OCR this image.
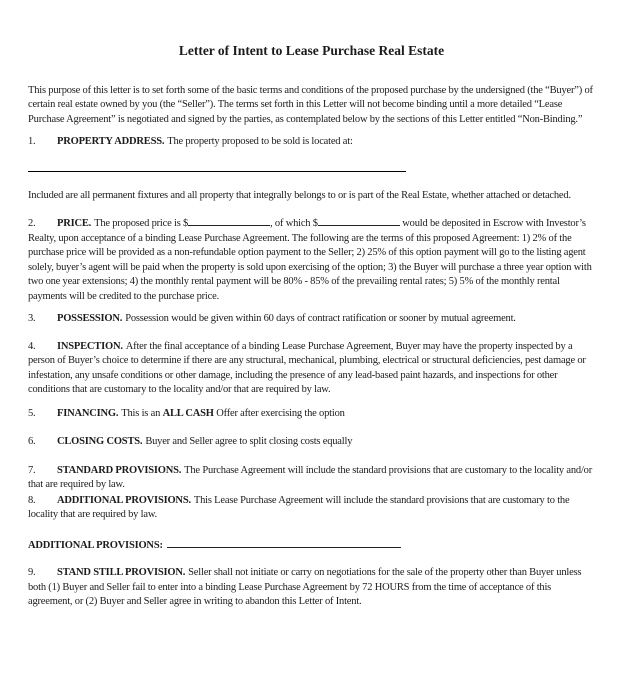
Letter of Intent to Lease Purchase Real Estate

This purpose of this letter is to set forth some of the basic terms and conditions of the proposed purchase by the undersigned (the “Buyer”) of certain real estate owned by you (the “Seller”). The terms set forth in this Letter will not become binding until a more detailed “Lease Purchase Agreement” is negotiated and signed by the parties, as contemplated below by the sections of this Letter entitled “Non-Binding.”

1. PROPERTY ADDRESS. The property proposed to be sold is located at:

Included are all permanent fixtures and all property that integrally belongs to or is part of the Real Estate, whether attached or detached.

2. PRICE. The proposed price is $	, of which $	would be deposited in Escrow with Investor’s Realty, upon acceptance of a binding Lease Purchase Agreement. The following are the terms of this proposed Agreement: 1) 2% of the purchase price will be provided as a non-refundable option payment to the Seller; 2) 25% of this option payment will go to the listing agent solely, buyer’s agent will be paid when the property is sold upon exercising of the option; 3) the Buyer will purchase a three year option with two one year extensions; 4) the monthly rental payment will be 80% - 85% of the prevailing rental rates; 5) 5% of the monthly rental payments will be credited to the purchase price.

3. POSSESSION. Possession would be given within 60 days of contract ratification or sooner by mutual agreement.

4. INSPECTION. After the final acceptance of a binding Lease Purchase Agreement, Buyer may have the property inspected by a person of Buyer’s choice to determine if there are any structural, mechanical, plumbing, electrical or structural deficiencies, pest damage or infestation, any unsafe conditions or other damage, including the presence of any lead-based paint hazards, and inspections for other conditions that are customary to the locality and/or that are required by law.

5. FINANCING. This is an ALL CASH Offer after exercising the option

6. CLOSING COSTS. Buyer and Seller agree to split closing costs equally

7. STANDARD PROVISIONS. The Purchase Agreement will include the standard provisions that are customary to the locality and/or that are required by law.

8. ADDITIONAL PROVISIONS. This Lease Purchase Agreement will include the standard provisions that are customary to the locality that are required by law.

ADDITIONAL PROVISIONS:

9. STAND STILL PROVISION. Seller shall not initiate or carry on negotiations for the sale of the property other than Buyer unless both (1) Buyer and Seller fail to enter into a binding Lease Purchase Agreement by 72 HOURS from the time of acceptance of this agreement, or (2) Buyer and Seller agree in writing to abandon this Letter of Intent.
